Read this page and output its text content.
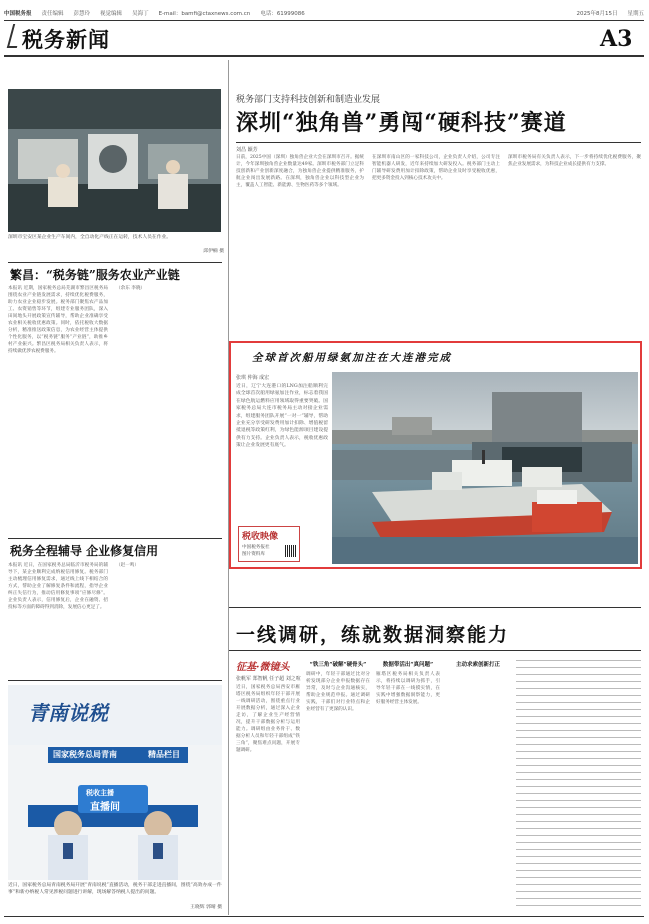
中国税务报 责任编辑 彭慧玲 视觉编辑 吴海丁 E-mail：bamfi@ctaxnews.com.cn 电话：61999086	2025年8月15日 星期五
税务新闻	A3
深圳市宝安区某企业生产车间内，全自动化产线正在运转，技术人员在作业。
邱伊楠 摄
税务部门支持科技创新和制造业发展
深圳“独角兽”勇闯“硬科技”赛道
刘昌 颖芳
日前，2025中国（深圳）独角兽企业大会在深圳市召开。据统计，今年深圳独角兽企业数量达49家。深圳市税务部门立足科技创新和产业创新深度融合，为独角兽企业提供精准服务，护航企业闯出发展新路。在深圳，独角兽企业以科技型企业为主，覆盖人工智能、新能源、生物医药等多个领域。
在深圳市南山区的一家科技公司，企业负责人介绍，公司专注智能机器人研发，近年来持续加大研发投入。税务部门主动上门辅导研发费用加计扣除政策，帮助企业及时享受税收优惠，把更多资金投入到核心技术攻关中。
深圳市税务局有关负责人表示，下一步将持续优化税费服务，聚焦企业发展需求，为科技企业成长提供有力支撑。
繁昌：“税务链”服务农业产业链
本报讯 近期，国家税务总局芜湖市繁昌区税务局围绕农业产业链发展需求，持续优化税费服务，助力农业企业稳步发展。税务部门聚焦农产品加工、农资销售等环节，组建专业服务团队，深入田间地头开展政策宣传辅导，帮助企业准确享受农业相关税收优惠政策。同时，依托税收大数据分析，精准推送政策信息，为农业经营主体提供个性化服务，以“税务链”服务“产业链”，助推乡村产业振兴。繁昌区税务局相关负责人表示，将持续做优涉农税费服务。
（余东 李晓）
税务全程辅导 企业修复信用
本报讯 近日，在国家税务总局临沂市税务局的辅导下，某企业顺利完成纳税信用修复。税务部门主动梳理信用修复需求，通过线上线下相结合的方式，帮助企业了解修复条件和流程，指导企业纠正失信行为，推动信用修复事项“应修尽修”。企业负责人表示，信用修复后，企业在融资、招投标等方面的障碍得到消除，发展信心更足了。
（赵一鸣）
全球首次船用绿氨加注在大连港完成
张琪 仲海 成宏
近日，辽宁大连港口的LNG加注船顺利完成全球首次船用绿氨加注作业，标志着我国在绿色航运燃料应用领域取得重要突破。国家税务总局大连市税务局主动对接企业需求，组建服务团队开展“一对一”辅导，帮助企业充分享受研发费用加计扣除、增值税留抵退税等政策红利，为绿色能源项目建设提供有力支持。企业负责人表示，税收优惠政策让企业发展更有底气。
税收映像
中国税务报社
图片资料库
一线调研，练就数据洞察能力
征基·微镜头
张帆军 郑智帆 任子超 刘之喧
近日，国家税务总局西安市雁塔区税务局组织年轻干部开展一线调研活动，围绕重点行业开展数据分析，通过深入企业走访，了解企业生产经营情况，提升干部数据分析与运用能力。调研组由业务骨干、数据分析人员和年轻干部组成“铁三角”，聚焦难点问题，开展专题调研。
“铁三角”破解“硬骨头”
调研中，年轻干部通过比对分析发现部分企业申报数据存在异常，及时与企业沟通核实，帮助企业规范申报。通过调研实践，干部们对行业特点和企业经营有了更深的认识。
数据带活出“真问题”
雁塔区税务局相关负责人表示，将持续以调研为抓手，引导年轻干部在一线摸实情，在实践中增强数据洞察能力，更好服务经营主体发展。
主动求索创新打正
青南说税
国家税务总局青南	精品栏目
税收主播
直播间
近日，国家税务总局青南税务局开展“青南说税”直播活动，税务干部走进直播间，围绕“高效办成一件事”和新办纳税人常见涉税问题进行讲解，现场解答纳税人提出的问题。
王晓辉 郭晴 摄
